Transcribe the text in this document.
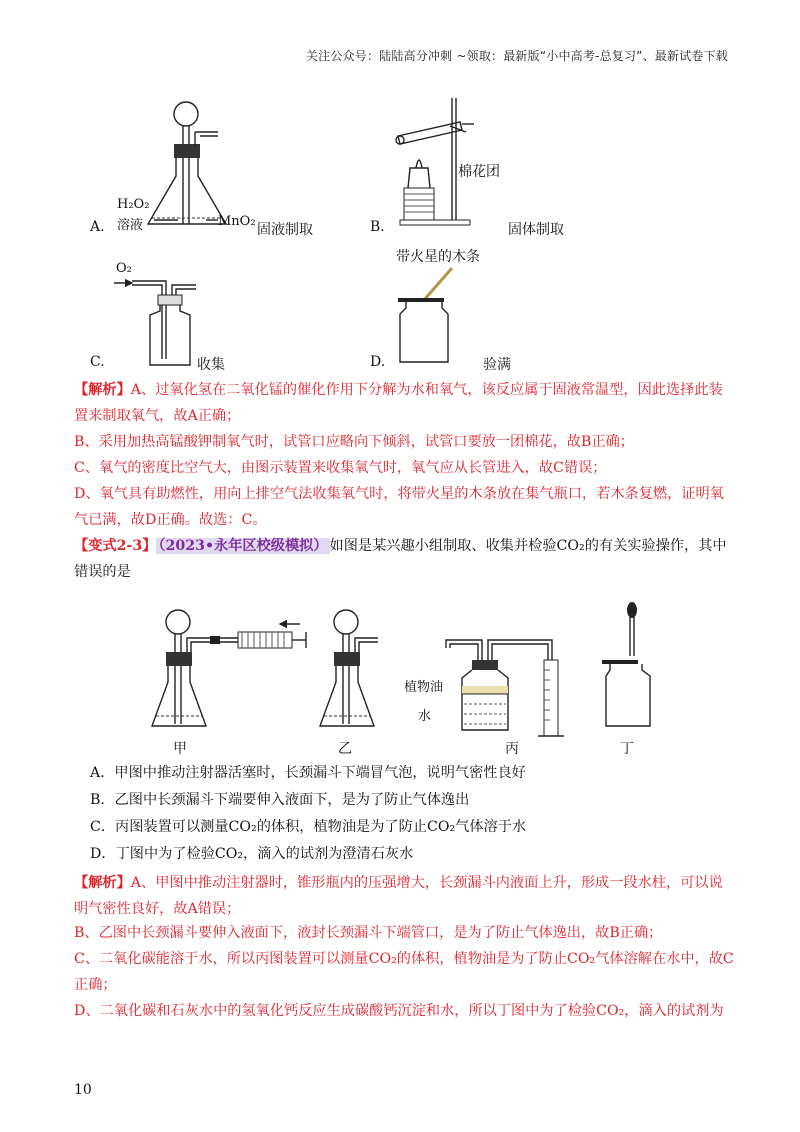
关注公众号：陆陆高分冲刺 ~领取：最新版“小中高考-总复习”、最新试卷下载
A.
H₂O₂
溶液	MnO₂
固液制取
棉花团
B.	固体制取
O₂
C.	收集
带火星的木条
D.	验满
【解析】A、过氧化氢在二氧化锰的催化作用下分解为水和氧气，该反应属于固液常温型，因此选择此装置来制取氧气，故A正确；
B、采用加热高锰酸钾制氧气时，试管口应略向下倾斜，试管口要放一团棉花，故B正确；
C、氧气的密度比空气大，由图示装置来收集氧气时，氧气应从长管进入，故C错误；
D、氧气具有助燃性，用向上排空气法收集氧气时，将带火星的木条放在集气瓶口，若木条复燃，证明氧气已满，故D正确。故选：C。
【变式2-3】 （2023•永年区校级模拟） 如图是某兴趣小组制取、收集并检验CO₂的有关实验操作，其中错误的是
植物油
水
甲	乙	丙	丁
A．甲图中推动注射器活塞时，长颈漏斗下端冒气泡，说明气密性良好
B．乙图中长颈漏斗下端要伸入液面下，是为了防止气体逸出
C．丙图装置可以测量CO₂的体积，植物油是为了防止CO₂气体溶于水
D．丁图中为了检验CO₂，滴入的试剂为澄清石灰水
【解析】A、甲图中推动注射器时，锥形瓶内的压强增大，长颈漏斗内液面上升，形成一段水柱，可以说明气密性良好，故A错误；
B、乙图中长颈漏斗要伸入液面下，液封长颈漏斗下端管口，是为了防止气体逸出，故B正确；
C、二氧化碳能溶于水，所以丙图装置可以测量CO₂的体积，植物油是为了防止CO₂气体溶解在水中，故C正确；
D、二氧化碳和石灰水中的氢氧化钙反应生成碳酸钙沉淀和水，所以丁图中为了检验CO₂，滴入的试剂为
10
